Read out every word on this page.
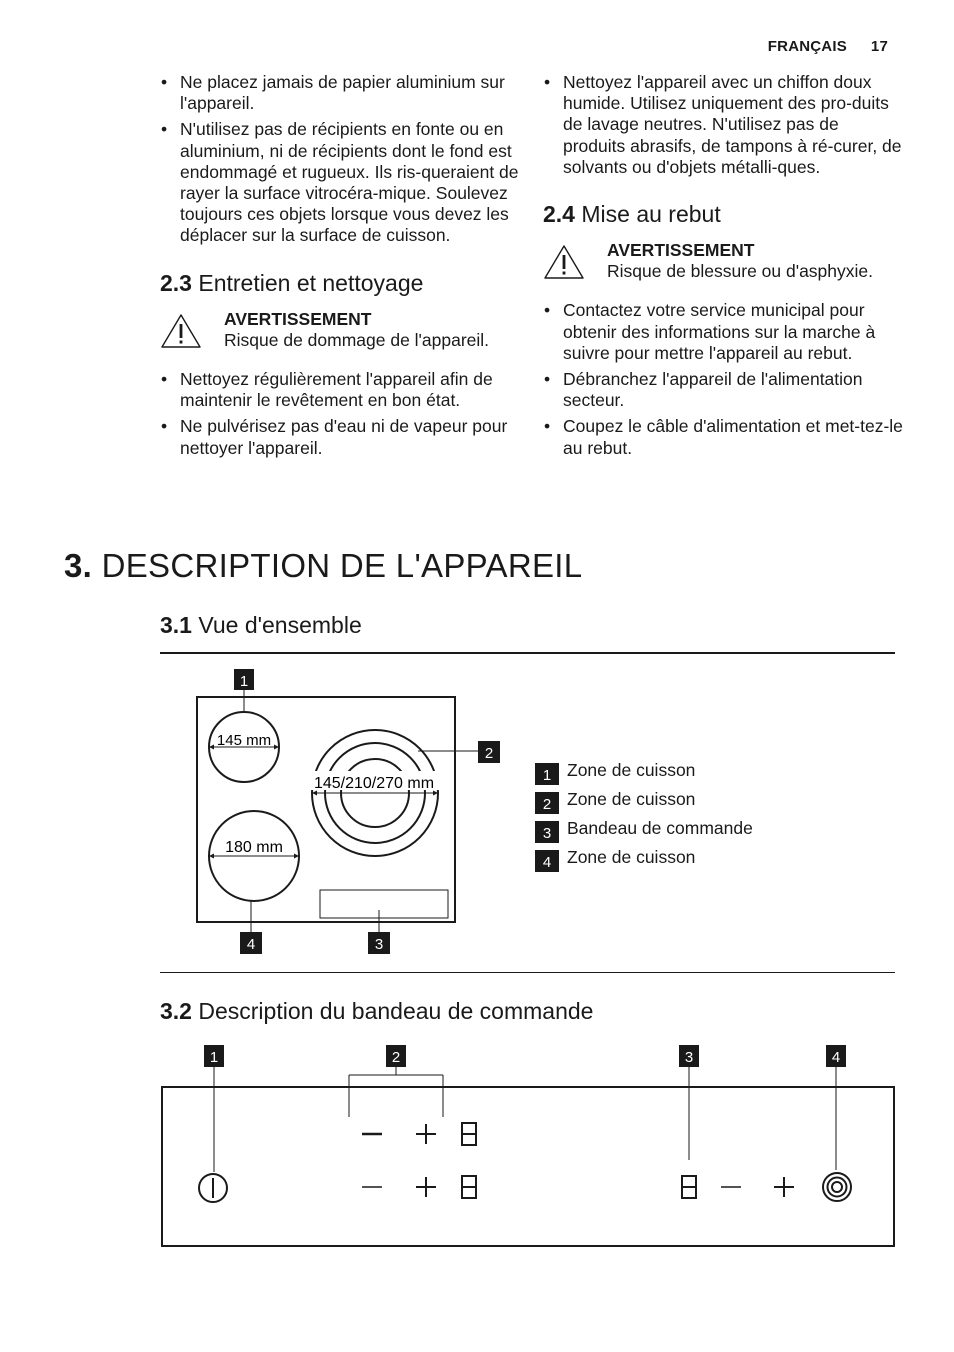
FRANÇAIS 17
• Ne placez jamais de papier aluminium sur l'appareil.
• N'utilisez pas de récipients en fonte ou en aluminium, ni de récipients dont le fond est endommagé et rugueux. Ils ris-queraient de rayer la surface vitrocéra-mique. Soulevez toujours ces objets lorsque vous devez les déplacer sur la surface de cuisson.
2.3 Entretien et nettoyage
AVERTISSEMENT
Risque de dommage de l'appareil.
• Nettoyez régulièrement l'appareil afin de maintenir le revêtement en bon état.
• Ne pulvérisez pas d'eau ni de vapeur pour nettoyer l'appareil.
• Nettoyez l'appareil avec un chiffon doux humide. Utilisez uniquement des pro-duits de lavage neutres. N'utilisez pas de produits abrasifs, de tampons à ré-curer, de solvants ou d'objets métalli-ques.
2.4 Mise au rebut
AVERTISSEMENT
Risque de blessure ou d'asphyxie.
• Contactez votre service municipal pour obtenir des informations sur la marche à suivre pour mettre l'appareil au rebut.
• Débranchez l'appareil de l'alimentation secteur.
• Coupez le câble d'alimentation et met-tez-le au rebut.
3. DESCRIPTION DE L'APPAREIL
3.1 Vue d'ensemble
145 mm
145/210/270 mm
180 mm
1
2
3
4
1 Zone de cuisson
2 Zone de cuisson
3 Bandeau de commande
4 Zone de cuisson
3.2 Description du bandeau de commande
1	2	3	4
